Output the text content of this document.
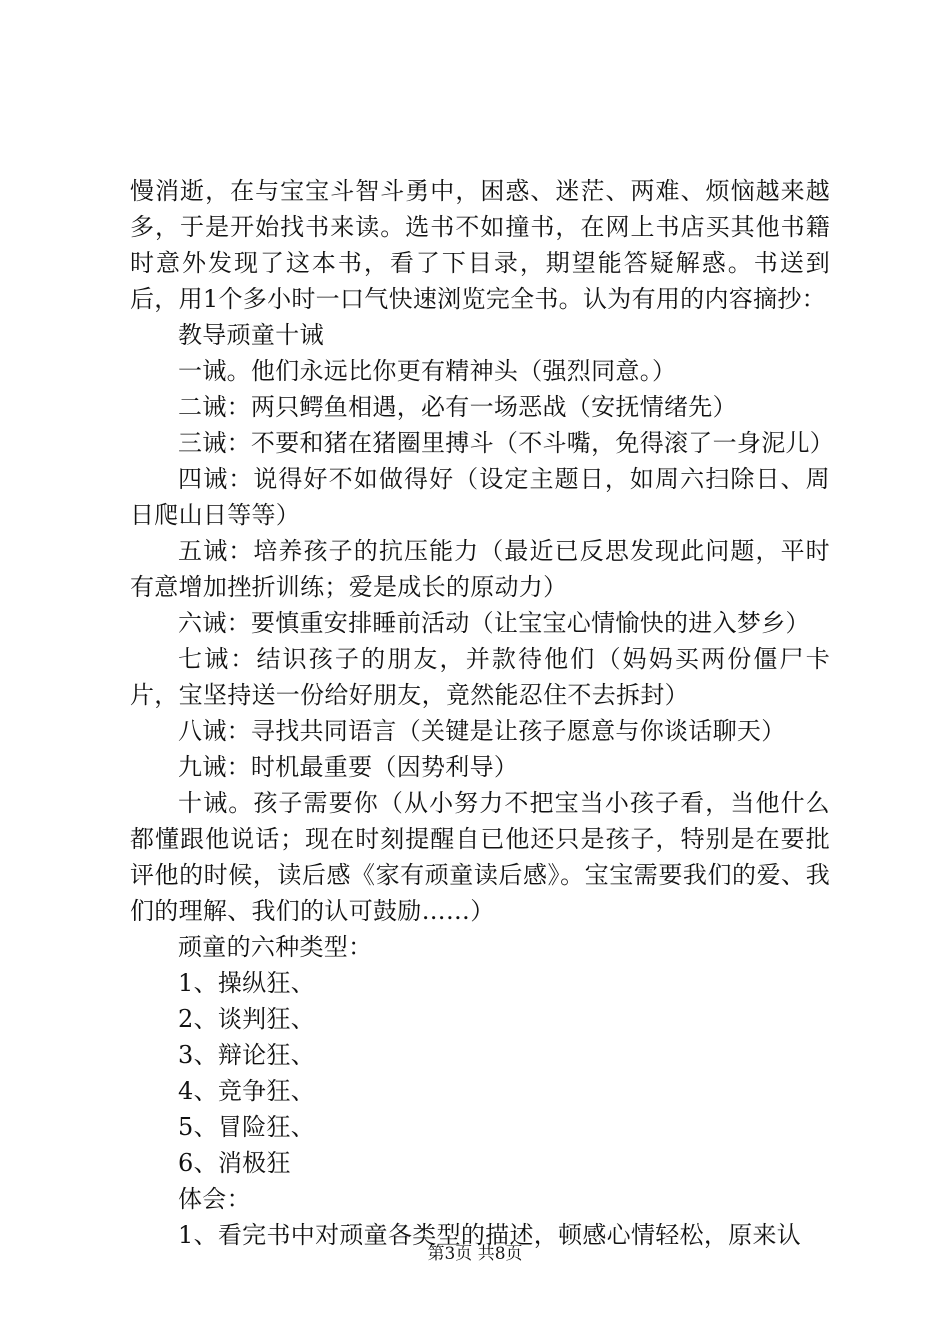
慢消逝，在与宝宝斗智斗勇中，困惑、迷茫、两难、烦恼越来越多，于是开始找书来读。选书不如撞书，在网上书店买其他书籍时意外发现了这本书，看了下目录，期望能答疑解惑。书送到后，用1个多小时一口气快速浏览完全书。认为有用的内容摘抄：

教导顽童十诫

一诫。他们永远比你更有精神头（强烈同意。）

二诫：两只鳄鱼相遇，必有一场恶战（安抚情绪先）

三诫：不要和猪在猪圈里搏斗（不斗嘴，免得滚了一身泥儿）

四诫：说得好不如做得好（设定主题日，如周六扫除日、周日爬山日等等）

五诫：培养孩子的抗压能力（最近已反思发现此问题，平时有意增加挫折训练；爱是成长的原动力）

六诫：要慎重安排睡前活动（让宝宝心情愉快的进入梦乡）

七诫：结识孩子的朋友，并款待他们（妈妈买两份僵尸卡片，宝坚持送一份给好朋友，竟然能忍住不去拆封）

八诫：寻找共同语言（关键是让孩子愿意与你谈话聊天）

九诫：时机最重要（因势利导）

十诫。孩子需要你（从小努力不把宝当小孩子看，当他什么都懂跟他说话；现在时刻提醒自已他还只是孩子，特别是在要批评他的时候，读后感《家有顽童读后感》。宝宝需要我们的爱、我们的理解、我们的认可鼓励……）

顽童的六种类型：

1、操纵狂、

2、谈判狂、

3、辩论狂、

4、竞争狂、

5、冒险狂、

6、消极狂

体会：

1、看完书中对顽童各类型的描述，顿感心情轻松，原来认

第3页 共8页
